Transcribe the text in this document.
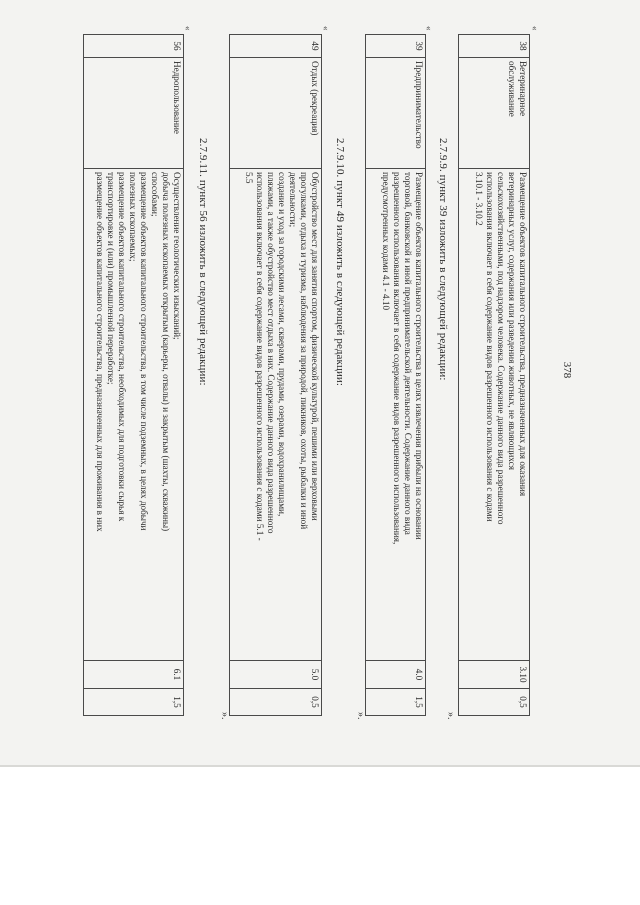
378
«
38	Ветеринарное обслуживание	
Размещение объектов капитального строительства, предназначенных для оказания
ветеринарных услуг, содержания или разведения животных, не являющихся
сельскохозяйственными, под надзором человека. Содержание данного вида разрешенного
использования включает в себя содержание видов разрешенного использования с кодами
3.10.1 - 3.10.2
	3.10	0,5
».
2.7.9.9. пункт 39 изложить в следующей редакции:
«
39	Предпринимательство	
Размещение объектов капитального строительства в целях извлечения прибыли на основании
торговой, банковской и иной предпринимательской деятельности. Содержание данного вида
разрешенного использования включает в себя содержание видов разрешенного использования,
предусмотренных кодами 4.1 - 4.10
	4.0	1,5
».
2.7.9.10. пункт 49 изложить в следующей редакции:
«
49	Отдых (рекреация)	
Обустройство мест для занятия спортом, физической культурой, пешими или верховыми
прогулками, отдыха и туризма, наблюдения за природой, пикников, охоты, рыбалки и иной
деятельности;
создание и уход за городскими лесами, скверами, прудами, озерами, водохранилищами,
пляжами, а также обустройство мест отдыха в них. Содержание данного вида разрешенного
использования включает в себя содержание видов разрешенного использования с кодами 5.1 -
5.5
	5.0	0,5
».
2.7.9.11. пункт 56 изложить в следующей редакции:
«
56	Недропользование	
Осуществление геологических изысканий;
добыча полезных ископаемых открытым (карьеры, отвалы) и закрытым (шахты, скважины)
способами;
размещение объектов капитального строительства, в том числе подземных, в целях добычи
полезных ископаемых;
размещение объектов капитального строительства, необходимых для подготовки сырья к
транспортировке и (или) промышленной переработке;
размещение объектов капитального строительства, предназначенных для проживания в них
	6.1	1,5
